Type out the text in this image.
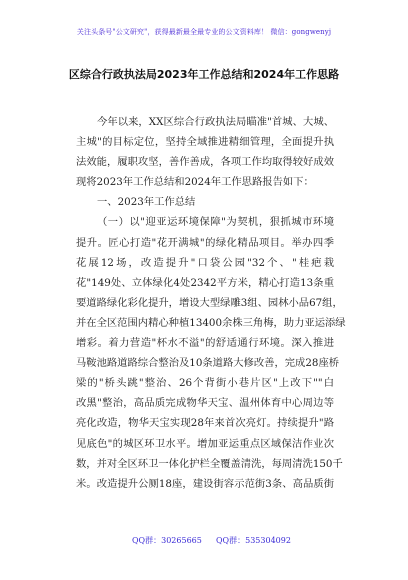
关注头条号"公文研究"，获得最新最全最专业的公文资料库！ 微信：gongwenyj
区综合行政执法局2023年工作总结和2024年工作思路
今年以来，XX区综合行政执法局瞄准"首城、大城、
主城"的目标定位，坚持全域推进精细管理，全面提升执
法效能，履职攻坚，善作善成，各项工作均取得较好成效
现将2023年工作总结和2024年工作思路报告如下：
一、2023年工作总结
（一）以"迎亚运环境保障"为契机，狠抓城市环境
提升。匠心打造"花开满城"的绿化精品项目。举办四季
花展12场，改造提升"口袋公园"32个、"桂疤栽
花"149处、立体绿化4处2342平方米，精心打造13条重
要道路绿化彩化提升，增设大型绿雕3组、园林小品67组，
并在全区范围内精心种植13400余株三角梅，助力亚运添绿
增彩。着力营造"杯水不溢"的舒适通行环境。深入推进
马鞍池路道路综合整治及10条道路大修改善，完成28座桥
梁的"桥头跳"整治、26个背街小巷片区"上改下""白
改黑"整治，高品质完成物华天宝、温州体育中心周边等
亮化改造，物华天宝实现28年来首次亮灯。持续提升"路
见底色"的城区环卫水平。增加亚运重点区域保洁作业次
数，并对全区环卫一体化护栏全覆盖清洗，每周清洗150千
米。改造提升公厕18座，建设街容示范街3条、高品质街
QQ群：30265665 QQ群：535304092
